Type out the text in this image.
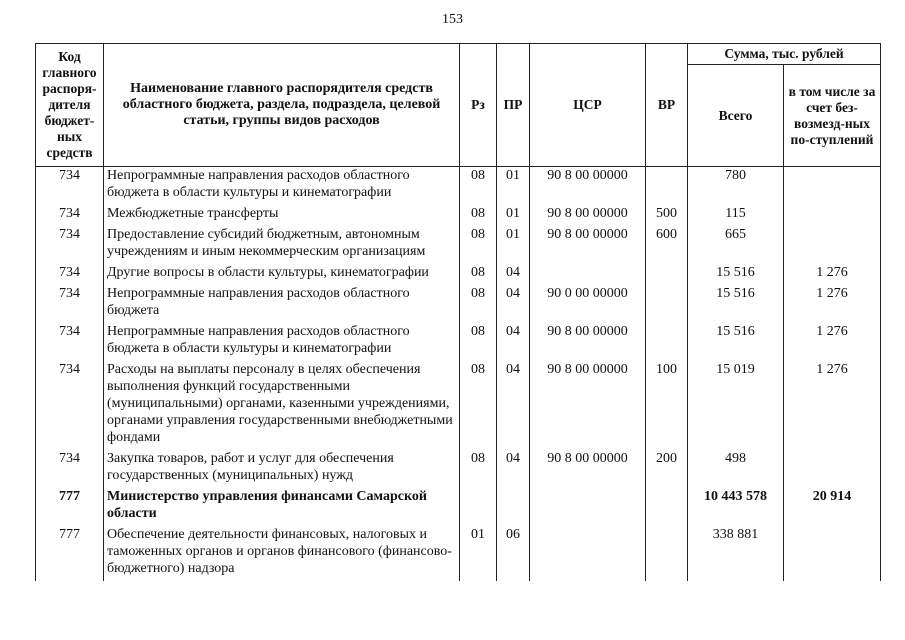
153
Код главного распоря-дителя бюджет-ных средств	Наименование главного распорядителя средств областного бюджета, раздела, подраздела, целевой статьи, группы видов расходов	Рз	ПР	ЦСР	ВР	Сумма, тыс. рублей	
						Всего	в том числе за счет без-возмезд-ных по-ступлений
734	Непрограммные направления расходов областного бюджета в области культуры и кинематографии	08	01	90 8 00 00000		780	
734	Межбюджетные трансферты	08	01	90 8 00 00000	500	115	
734	Предоставление субсидий бюджетным, автономным учреждениям и иным некоммерческим организациям	08	01	90 8 00 00000	600	665	
734	Другие вопросы в области культуры, кинематографии	08	04			15 516	1 276
734	Непрограммные направления расходов областного бюджета	08	04	90 0 00 00000		15 516	1 276
734	Непрограммные направления расходов областного бюджета в области культуры и кинематографии	08	04	90 8 00 00000		15 516	1 276
734	Расходы на выплаты персоналу в целях обеспечения выполнения функций государственными (муниципальными) органами, казенными учреждениями, органами управления государственными внебюджетными фондами	08	04	90 8 00 00000	100	15 019	1 276
734	Закупка товаров, работ и услуг для обеспечения государственных (муниципальных) нужд	08	04	90 8 00 00000	200	498	
777	Министерство управления финансами Самарской области					10 443 578	20 914
777	Обеспечение деятельности финансовых, налоговых и таможенных органов и органов финансового (финансово-бюджетного) надзора	01	06			338 881	
